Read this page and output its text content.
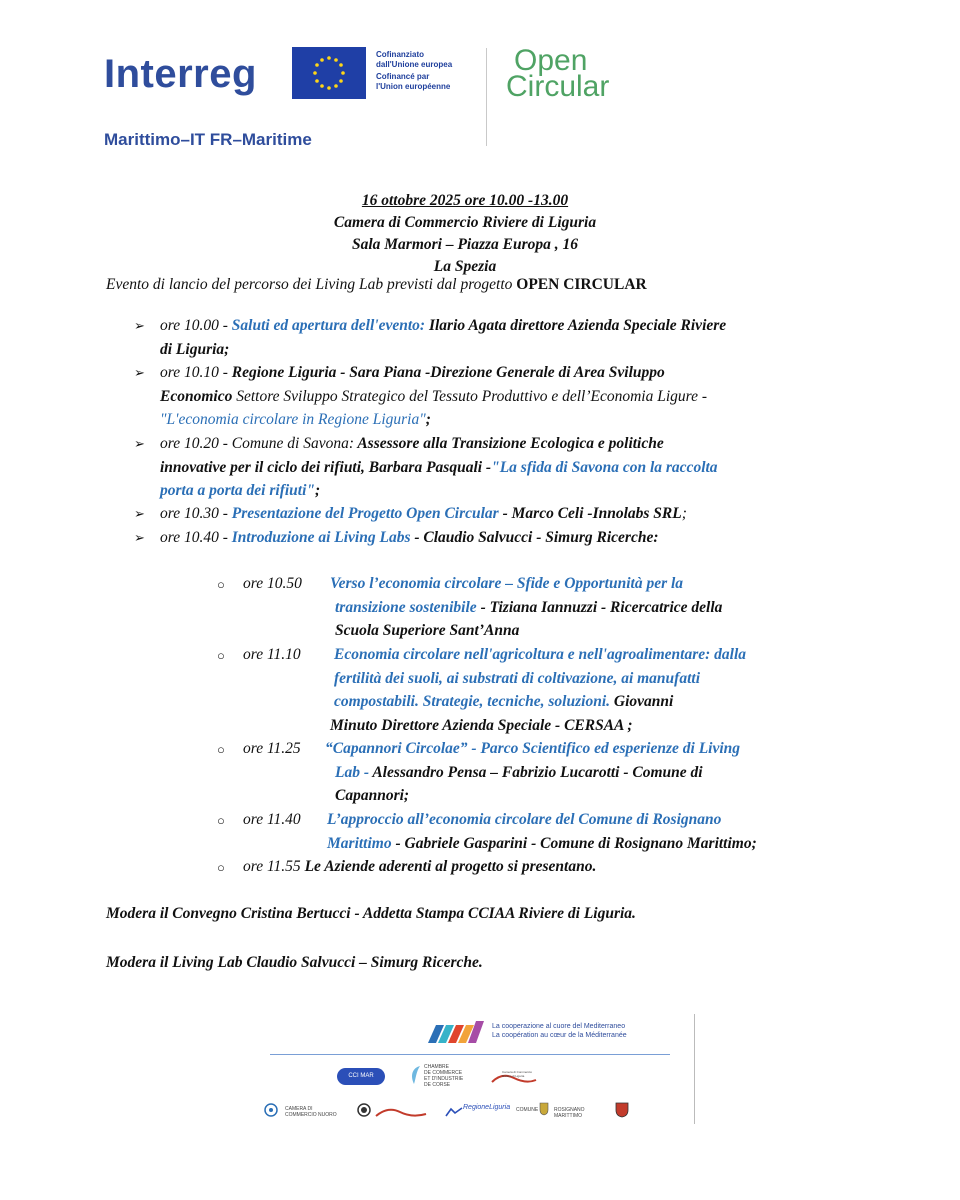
Interreg	Cofinanziato
dall'Unione europea
Cofinancé par
l'Union européenne
Open
Circular
Marittimo–IT FR–Maritime
16 ottobre 2025 ore 10.00 -13.00
Camera di Commercio Riviere di Liguria
Sala Marmori – Piazza Europa , 16
La Spezia
Evento di lancio del percorso dei Living Lab previsti dal progetto OPEN CIRCULAR
➢ ore 10.00 - Saluti ed apertura dell'evento: Ilario Agata direttore Azienda Speciale Riviere
di Liguria;
➢ ore 10.10 - Regione Liguria - Sara Piana -Direzione Generale di Area Sviluppo
Economico Settore Sviluppo Strategico del Tessuto Produttivo e dell’Economia Ligure -
"L'economia circolare in Regione Liguria";
➢ ore 10.20 - Comune di Savona: Assessore alla Transizione Ecologica e politiche
innovative per il ciclo dei rifiuti, Barbara Pasquali -"La sfida di Savona con la raccolta
porta a porta dei rifiuti";
➢ ore 10.30 - Presentazione del Progetto Open Circular - Marco Celi -Innolabs SRL;
➢ ore 10.40 - Introduzione ai Living Labs - Claudio Salvucci - Simurg Ricerche:
○ ore 10.50 Verso l’economia circolare – Sfide e Opportunità per la
transizione sostenibile - Tiziana Iannuzzi - Ricercatrice della
Scuola Superiore Sant’Anna
○ ore 11.10 Economia circolare nell'agricoltura e nell'agroalimentare: dalla
fertilità dei suoli, ai substrati di coltivazione, ai manufatti
compostabili. Strategie, tecniche, soluzioni. Giovanni
Minuto Direttore Azienda Speciale - CERSAA ;
○ ore 11.25 “Capannori Circolae” - Parco Scientifico ed esperienze di Living
Lab - Alessandro Pensa – Fabrizio Lucarotti - Comune di
Capannori;
○ ore 11.40 L’approccio all’economia circolare del Comune di Rosignano
Marittimo - Gabriele Gasparini - Comune di Rosignano Marittimo;
○ ore 11.55 Le Aziende aderenti al progetto si presentano.
Modera il Convegno Cristina Bertucci - Addetta Stampa CCIAA Riviere di Liguria.
Modera il Living Lab Claudio Salvucci – Simurg Ricerche.
La cooperazione al cuore del Mediterraneo
La coopération au cœur de la Méditerranée
CCI MAR
CHAMBRE
DE COMMERCE
ET D'INDUSTRIE
DE CORSE
Camera di Commercio Riviere di Liguria
CAMERA DI COMMERCIO NUORO
RegioneLiguria COMUNE	ROSIGNANO MARITTIMO
